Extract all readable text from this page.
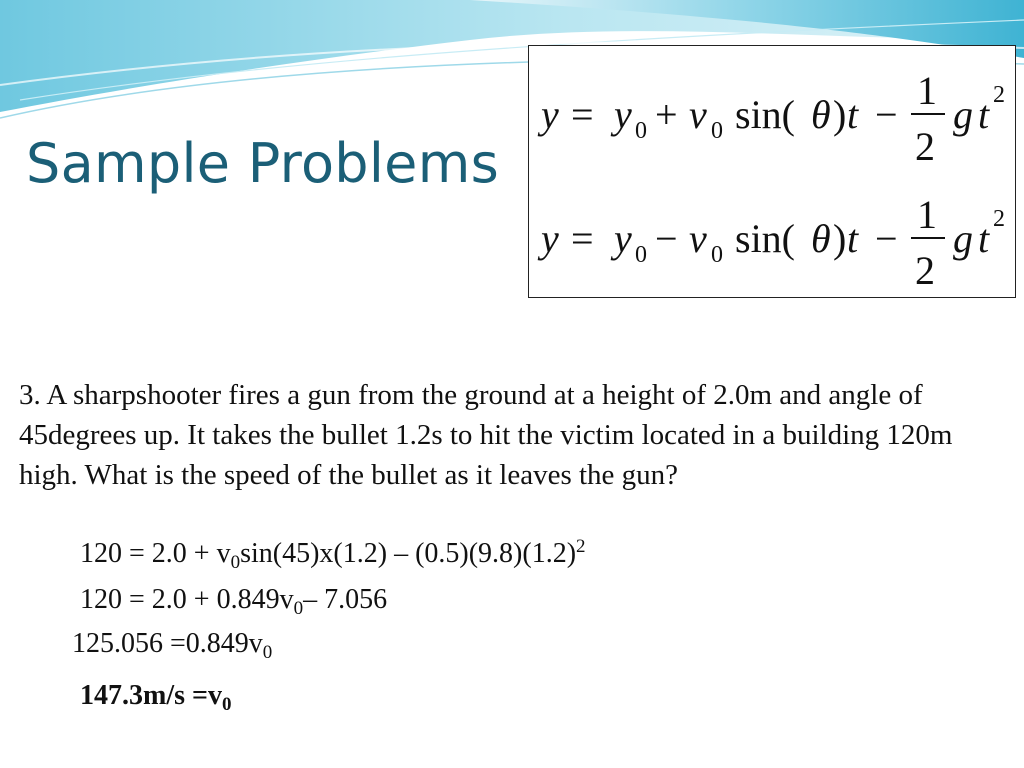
Sample Problems
y = y 0 + v 0 sin( θ ) t −
1
2
g t 2
y = y 0 − v 0 sin( θ ) t −
1
2
g t 2
3. A sharpshooter fires a gun from the ground at a height of 2.0m and angle of 45degrees up. It takes the bullet 1.2s to hit the victim located in a building 120m high. What is the speed of the bullet as it leaves the gun?
$120 = 2.0 + v_0\sin(45)x(1.2) - (0.5)(9.8)(1.2)^2$
$120 = 2.0 + 0.849v_0-$ 7.056
$125.056 =0.849v_0$
$147.3m/s =v_0$
